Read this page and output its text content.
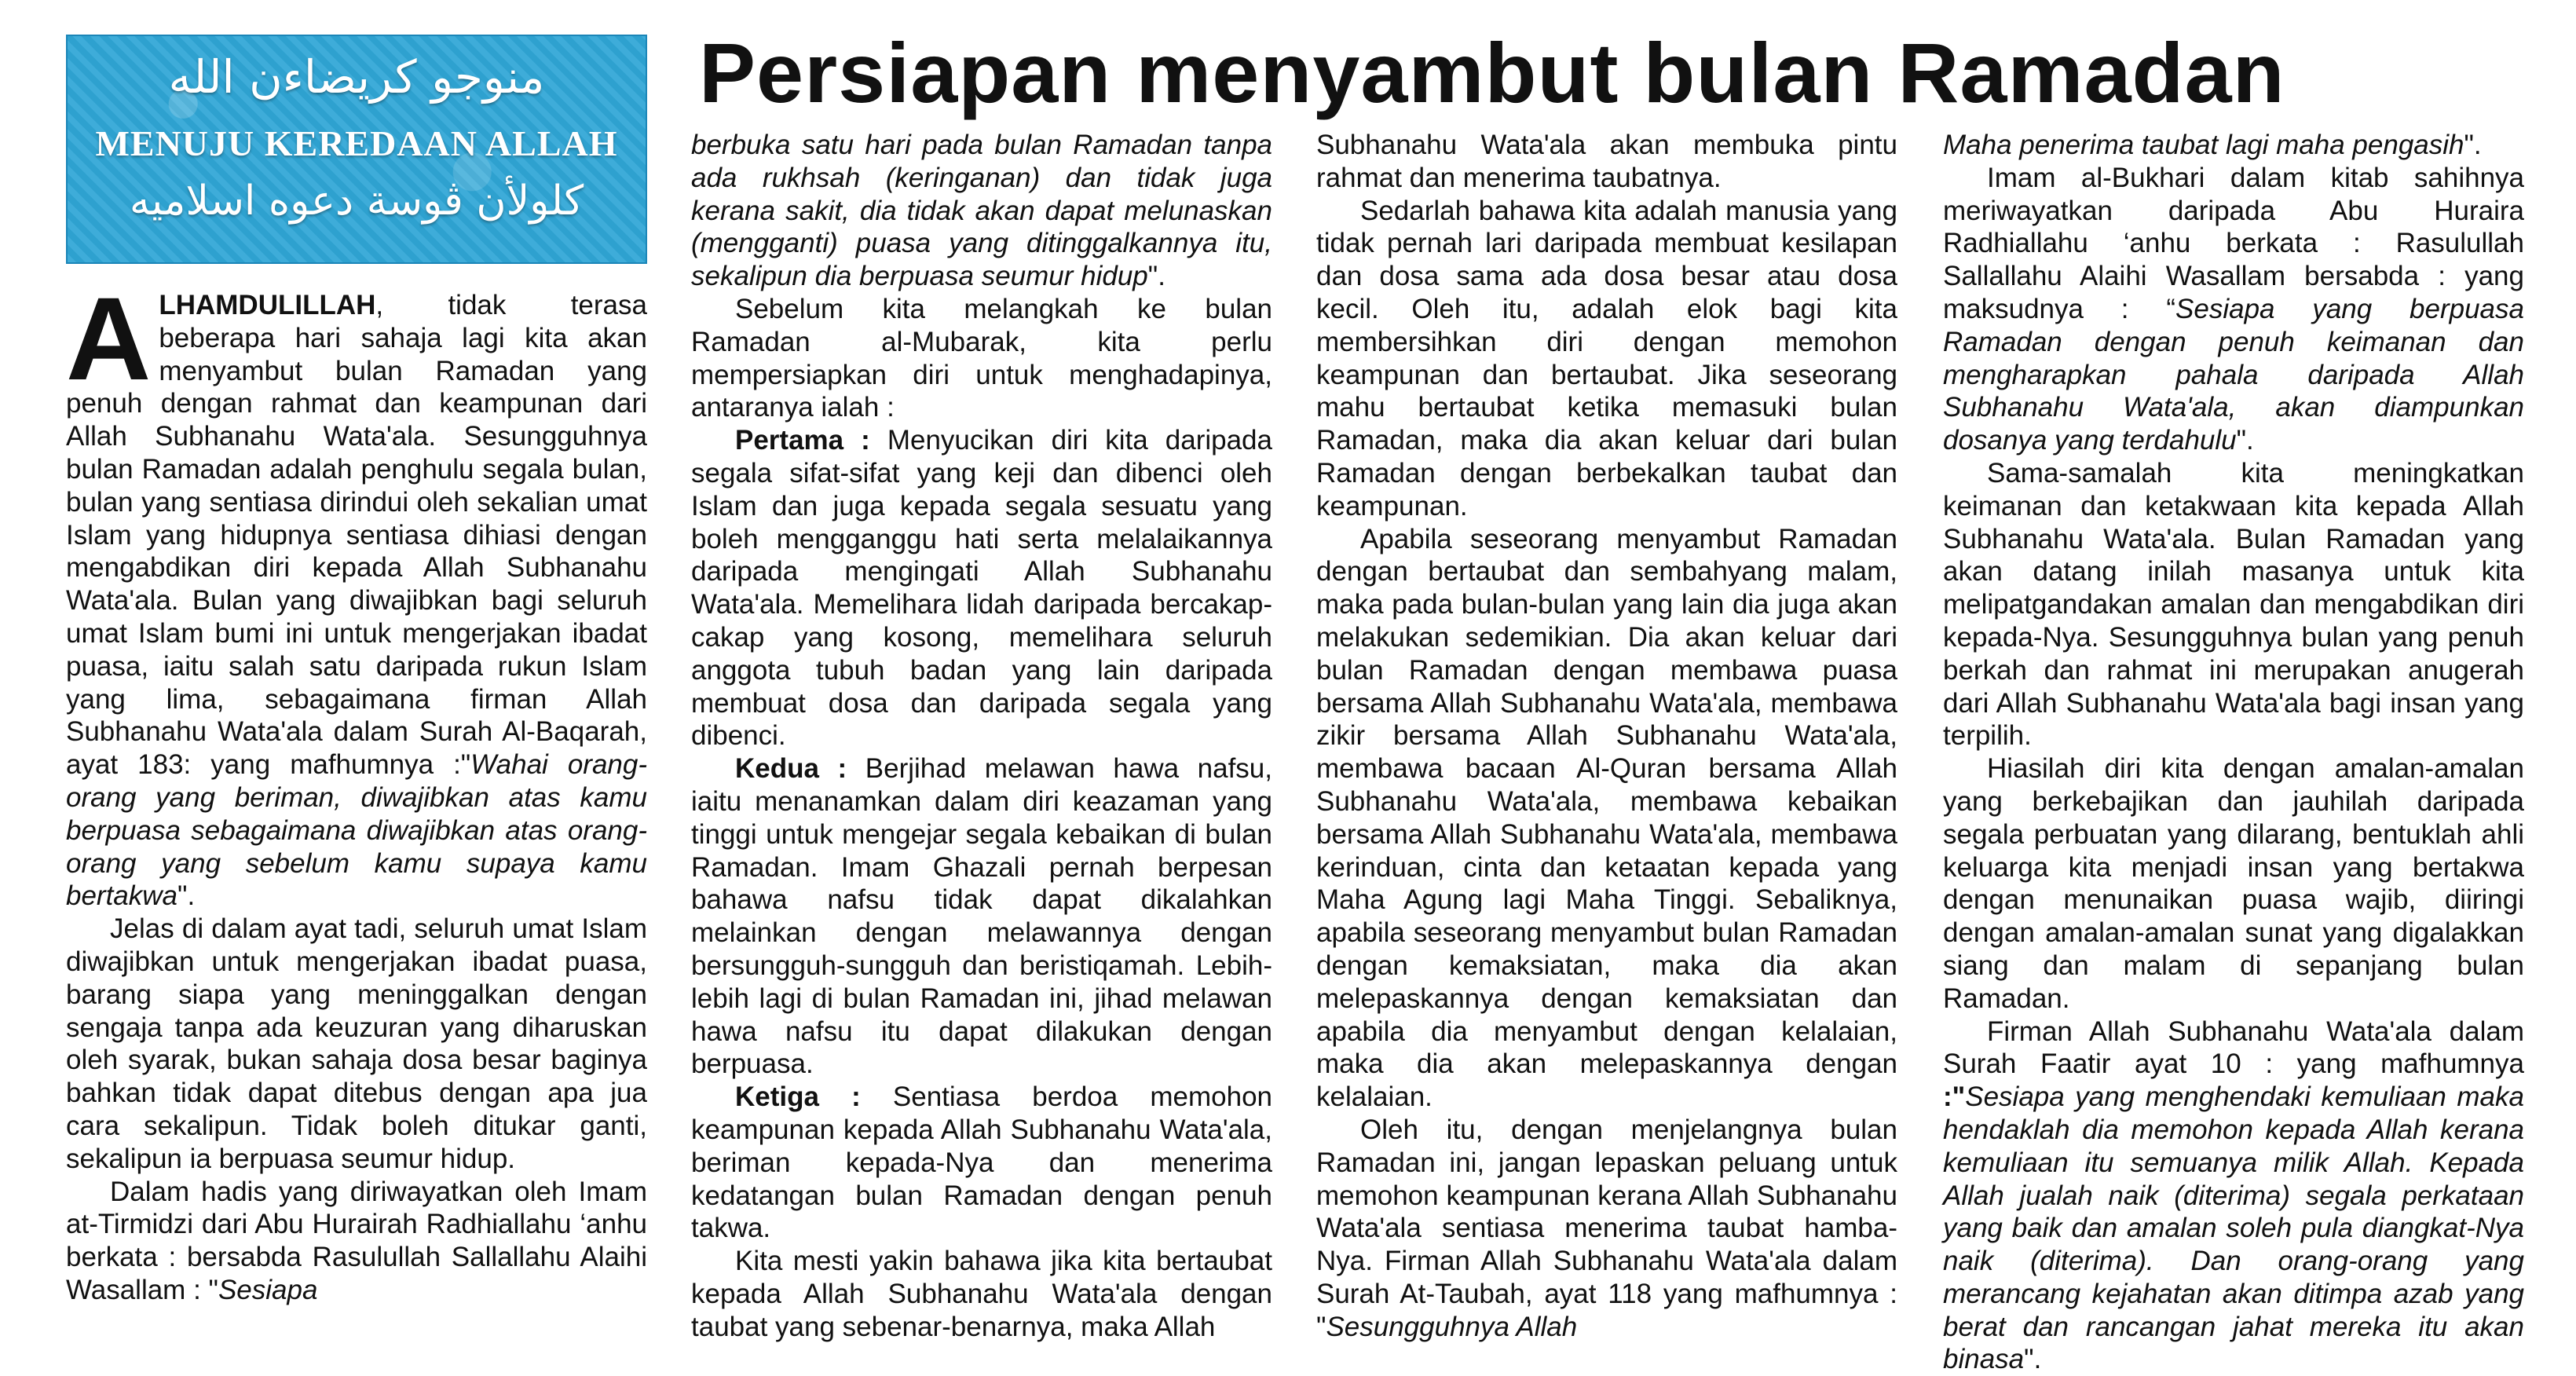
منوجو كريضاءن الله
MENUJU KEREDAAN ALLAH
كلولأن ڤوسة دعوه اسلاميه
Persiapan menyambut bulan Ramadan

ALHAMDULILLAH, tidak terasa beberapa hari sahaja lagi kita akan menyambut bulan Ramadan yang penuh dengan rahmat dan keampunan dari Allah Subhanahu Wata'ala. Sesungguhnya bulan Ramadan adalah penghulu segala bulan, bulan yang sentiasa dirindui oleh sekalian umat Islam yang hidupnya sentiasa dihiasi dengan mengabdikan diri kepada Allah Subhanahu Wata'ala. Bulan yang diwajibkan bagi seluruh umat Islam bumi ini untuk mengerjakan ibadat puasa, iaitu salah satu daripada rukun Islam yang lima, sebagaimana firman Allah Subhanahu Wata'ala dalam Surah Al-Baqarah, ayat 183: yang mafhumnya :"Wahai orang-orang yang beriman, diwajibkan atas kamu berpuasa sebagaimana diwajibkan atas orang-orang yang sebelum kamu supaya kamu bertakwa".

Jelas di dalam ayat tadi, seluruh umat Islam diwajibkan untuk mengerjakan ibadat puasa, barang siapa yang meninggalkan dengan sengaja tanpa ada keuzuran yang diharuskan oleh syarak, bukan sahaja dosa besar baginya bahkan tidak dapat ditebus dengan apa jua cara sekalipun. Tidak boleh ditukar ganti, sekalipun ia berpuasa seumur hidup.

Dalam hadis yang diriwayatkan oleh Imam at-Tirmidzi dari Abu Hurairah Radhiallahu ‘anhu berkata : bersabda Rasulullah Sallallahu Alaihi Wasallam : "Sesiapa

berbuka satu hari pada bulan Ramadan tanpa ada rukhsah (keringanan) dan tidak juga kerana sakit, dia tidak akan dapat melunaskan (mengganti) puasa yang ditinggalkannya itu, sekalipun dia berpuasa seumur hidup".

Sebelum kita melangkah ke bulan Ramadan al-Mubarak, kita perlu mempersiapkan diri untuk menghadapinya, antaranya ialah :

Pertama : Menyucikan diri kita daripada segala sifat-sifat yang keji dan dibenci oleh Islam dan juga kepada segala sesuatu yang boleh mengganggu hati serta melalaikannya daripada mengingati Allah Subhanahu Wata'ala. Memelihara lidah daripada bercakap-cakap yang kosong, memelihara seluruh anggota tubuh badan yang lain daripada membuat dosa dan daripada segala yang dibenci.

Kedua : Berjihad melawan hawa nafsu, iaitu menanamkan dalam diri keazaman yang tinggi untuk mengejar segala kebaikan di bulan Ramadan. Imam Ghazali pernah berpesan bahawa nafsu tidak dapat dikalahkan melainkan dengan melawannya dengan bersungguh-sungguh dan beristiqamah. Lebih-lebih lagi di bulan Ramadan ini, jihad melawan hawa nafsu itu dapat dilakukan dengan berpuasa.

Ketiga : Sentiasa berdoa memohon keampunan kepada Allah Subhanahu Wata'ala, beriman kepada-Nya dan menerima kedatangan bulan Ramadan dengan penuh takwa.

Kita mesti yakin bahawa jika kita bertaubat kepada Allah Subhanahu Wata'ala dengan taubat yang sebenar-benarnya, maka Allah

Subhanahu Wata'ala akan membuka pintu rahmat dan menerima taubatnya.

Sedarlah bahawa kita adalah manusia yang tidak pernah lari daripada membuat kesilapan dan dosa sama ada dosa besar atau dosa kecil. Oleh itu, adalah elok bagi kita membersihkan diri dengan memohon keampunan dan bertaubat. Jika seseorang mahu bertaubat ketika memasuki bulan Ramadan, maka dia akan keluar dari bulan Ramadan dengan berbekalkan taubat dan keampunan.

Apabila seseorang menyambut Ramadan dengan bertaubat dan sembahyang malam, maka pada bulan-bulan yang lain dia juga akan melakukan sedemikian. Dia akan keluar dari bulan Ramadan dengan membawa puasa bersama Allah Subhanahu Wata'ala, membawa zikir bersama Allah Subhanahu Wata'ala, membawa bacaan Al-Quran bersama Allah Subhanahu Wata'ala, membawa kebaikan bersama Allah Subhanahu Wata'ala, membawa kerinduan, cinta dan ketaatan kepada yang Maha Agung lagi Maha Tinggi. Sebaliknya, apabila seseorang menyambut bulan Ramadan dengan kemaksiatan, maka dia akan melepaskannya dengan kemaksiatan dan apabila dia menyambut dengan kelalaian, maka dia akan melepaskannya dengan kelalaian.

Oleh itu, dengan menjelangnya bulan Ramadan ini, jangan lepaskan peluang untuk memohon keampunan kerana Allah Subhanahu Wata'ala sentiasa menerima taubat hamba-Nya. Firman Allah Subhanahu Wata'ala dalam Surah At-Taubah, ayat 118 yang mafhumnya : "Sesungguhnya Allah

Maha penerima taubat lagi maha pengasih".

Imam al-Bukhari dalam kitab sahihnya meriwayatkan daripada Abu Huraira Radhiallahu ‘anhu berkata : Rasulullah Sallallahu Alaihi Wasallam bersabda : yang maksudnya : “Sesiapa yang berpuasa Ramadan dengan penuh keimanan dan mengharapkan pahala daripada Allah Subhanahu Wata'ala, akan diampunkan dosanya yang terdahulu".

Sama-samalah kita meningkatkan keimanan dan ketakwaan kita kepada Allah Subhanahu Wata'ala. Bulan Ramadan yang akan datang inilah masanya untuk kita melipatgandakan amalan dan mengabdikan diri kepada-Nya. Sesungguhnya bulan yang penuh berkah dan rahmat ini merupakan anugerah dari Allah Subhanahu Wata'ala bagi insan yang terpilih.

Hiasilah diri kita dengan amalan-amalan yang berkebajikan dan jauhilah daripada segala perbuatan yang dilarang, bentuklah ahli keluarga kita menjadi insan yang bertakwa dengan menunaikan puasa wajib, diiringi dengan amalan-amalan sunat yang digalakkan siang dan malam di sepanjang bulan Ramadan.

Firman Allah Subhanahu Wata'ala dalam Surah Faatir ayat 10 : yang mafhumnya :"Sesiapa yang menghendaki kemuliaan maka hendaklah dia memohon kepada Allah kerana kemuliaan itu semuanya milik Allah. Kepada Allah jualah naik (diterima) segala perkataan yang baik dan amalan soleh pula diangkat-Nya naik (diterima). Dan orang-orang yang merancang kejahatan akan ditimpa azab yang berat dan rancangan jahat mereka itu akan binasa".
